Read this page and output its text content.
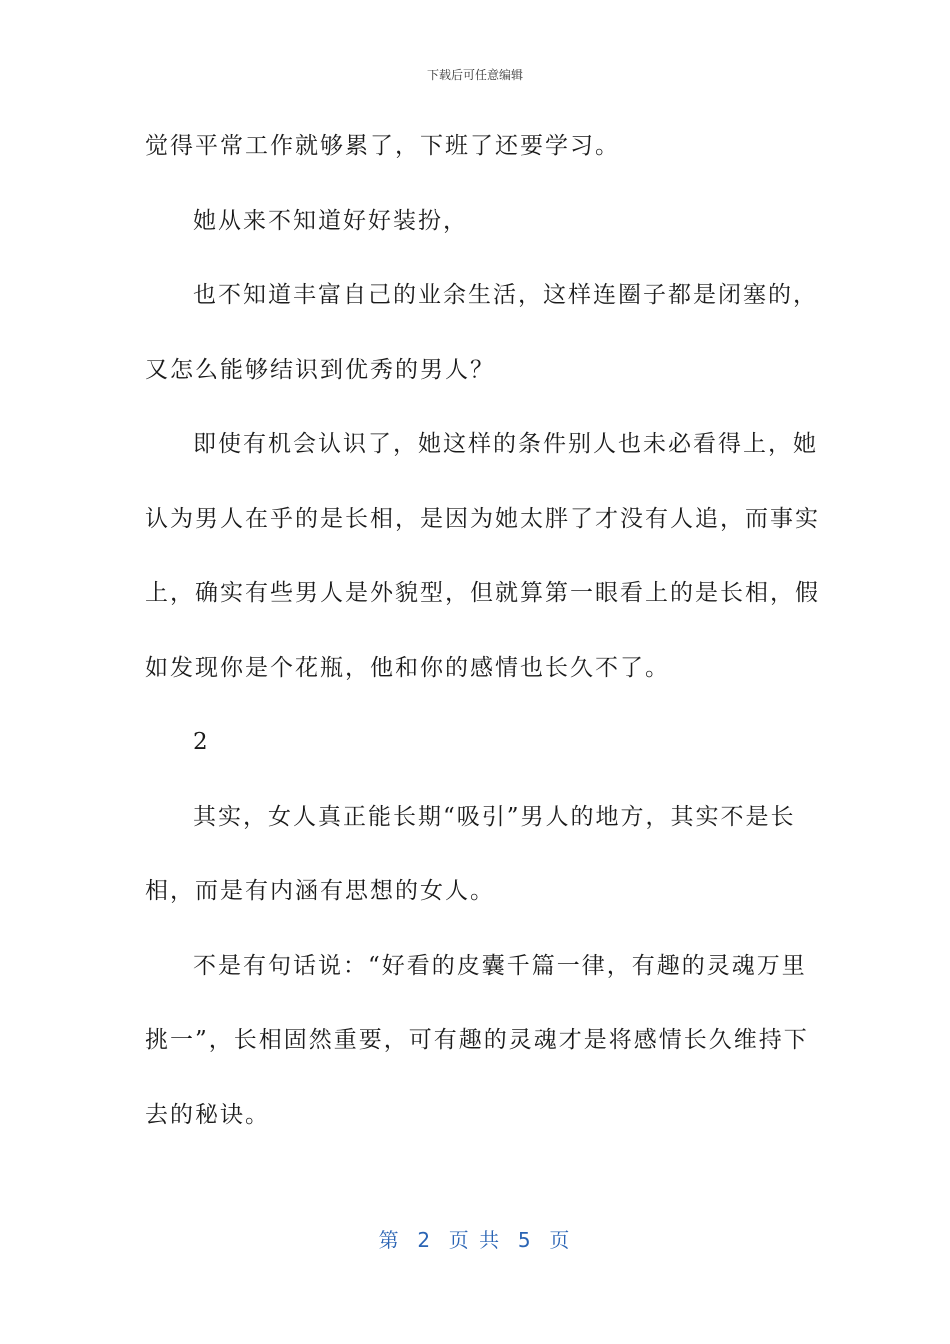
下载后可任意编辑
觉得平常工作就够累了，下班了还要学习。
她从来不知道好好装扮，
也不知道丰富自己的业余生活，这样连圈子都是闭塞的，
又怎么能够结识到优秀的男人？
即使有机会认识了，她这样的条件别人也未必看得上，她
认为男人在乎的是长相，是因为她太胖了才没有人追，而事实
上，确实有些男人是外貌型，但就算第一眼看上的是长相，假
如发现你是个花瓶，他和你的感情也长久不了。
2
其实，女人真正能长期“吸引”男人的地方，其实不是长
相，而是有内涵有思想的女人。
不是有句话说：“好看的皮囊千篇一律，有趣的灵魂万里
挑一”，长相固然重要，可有趣的灵魂才是将感情长久维持下
去的秘诀。
第  2  页 共  5  页
